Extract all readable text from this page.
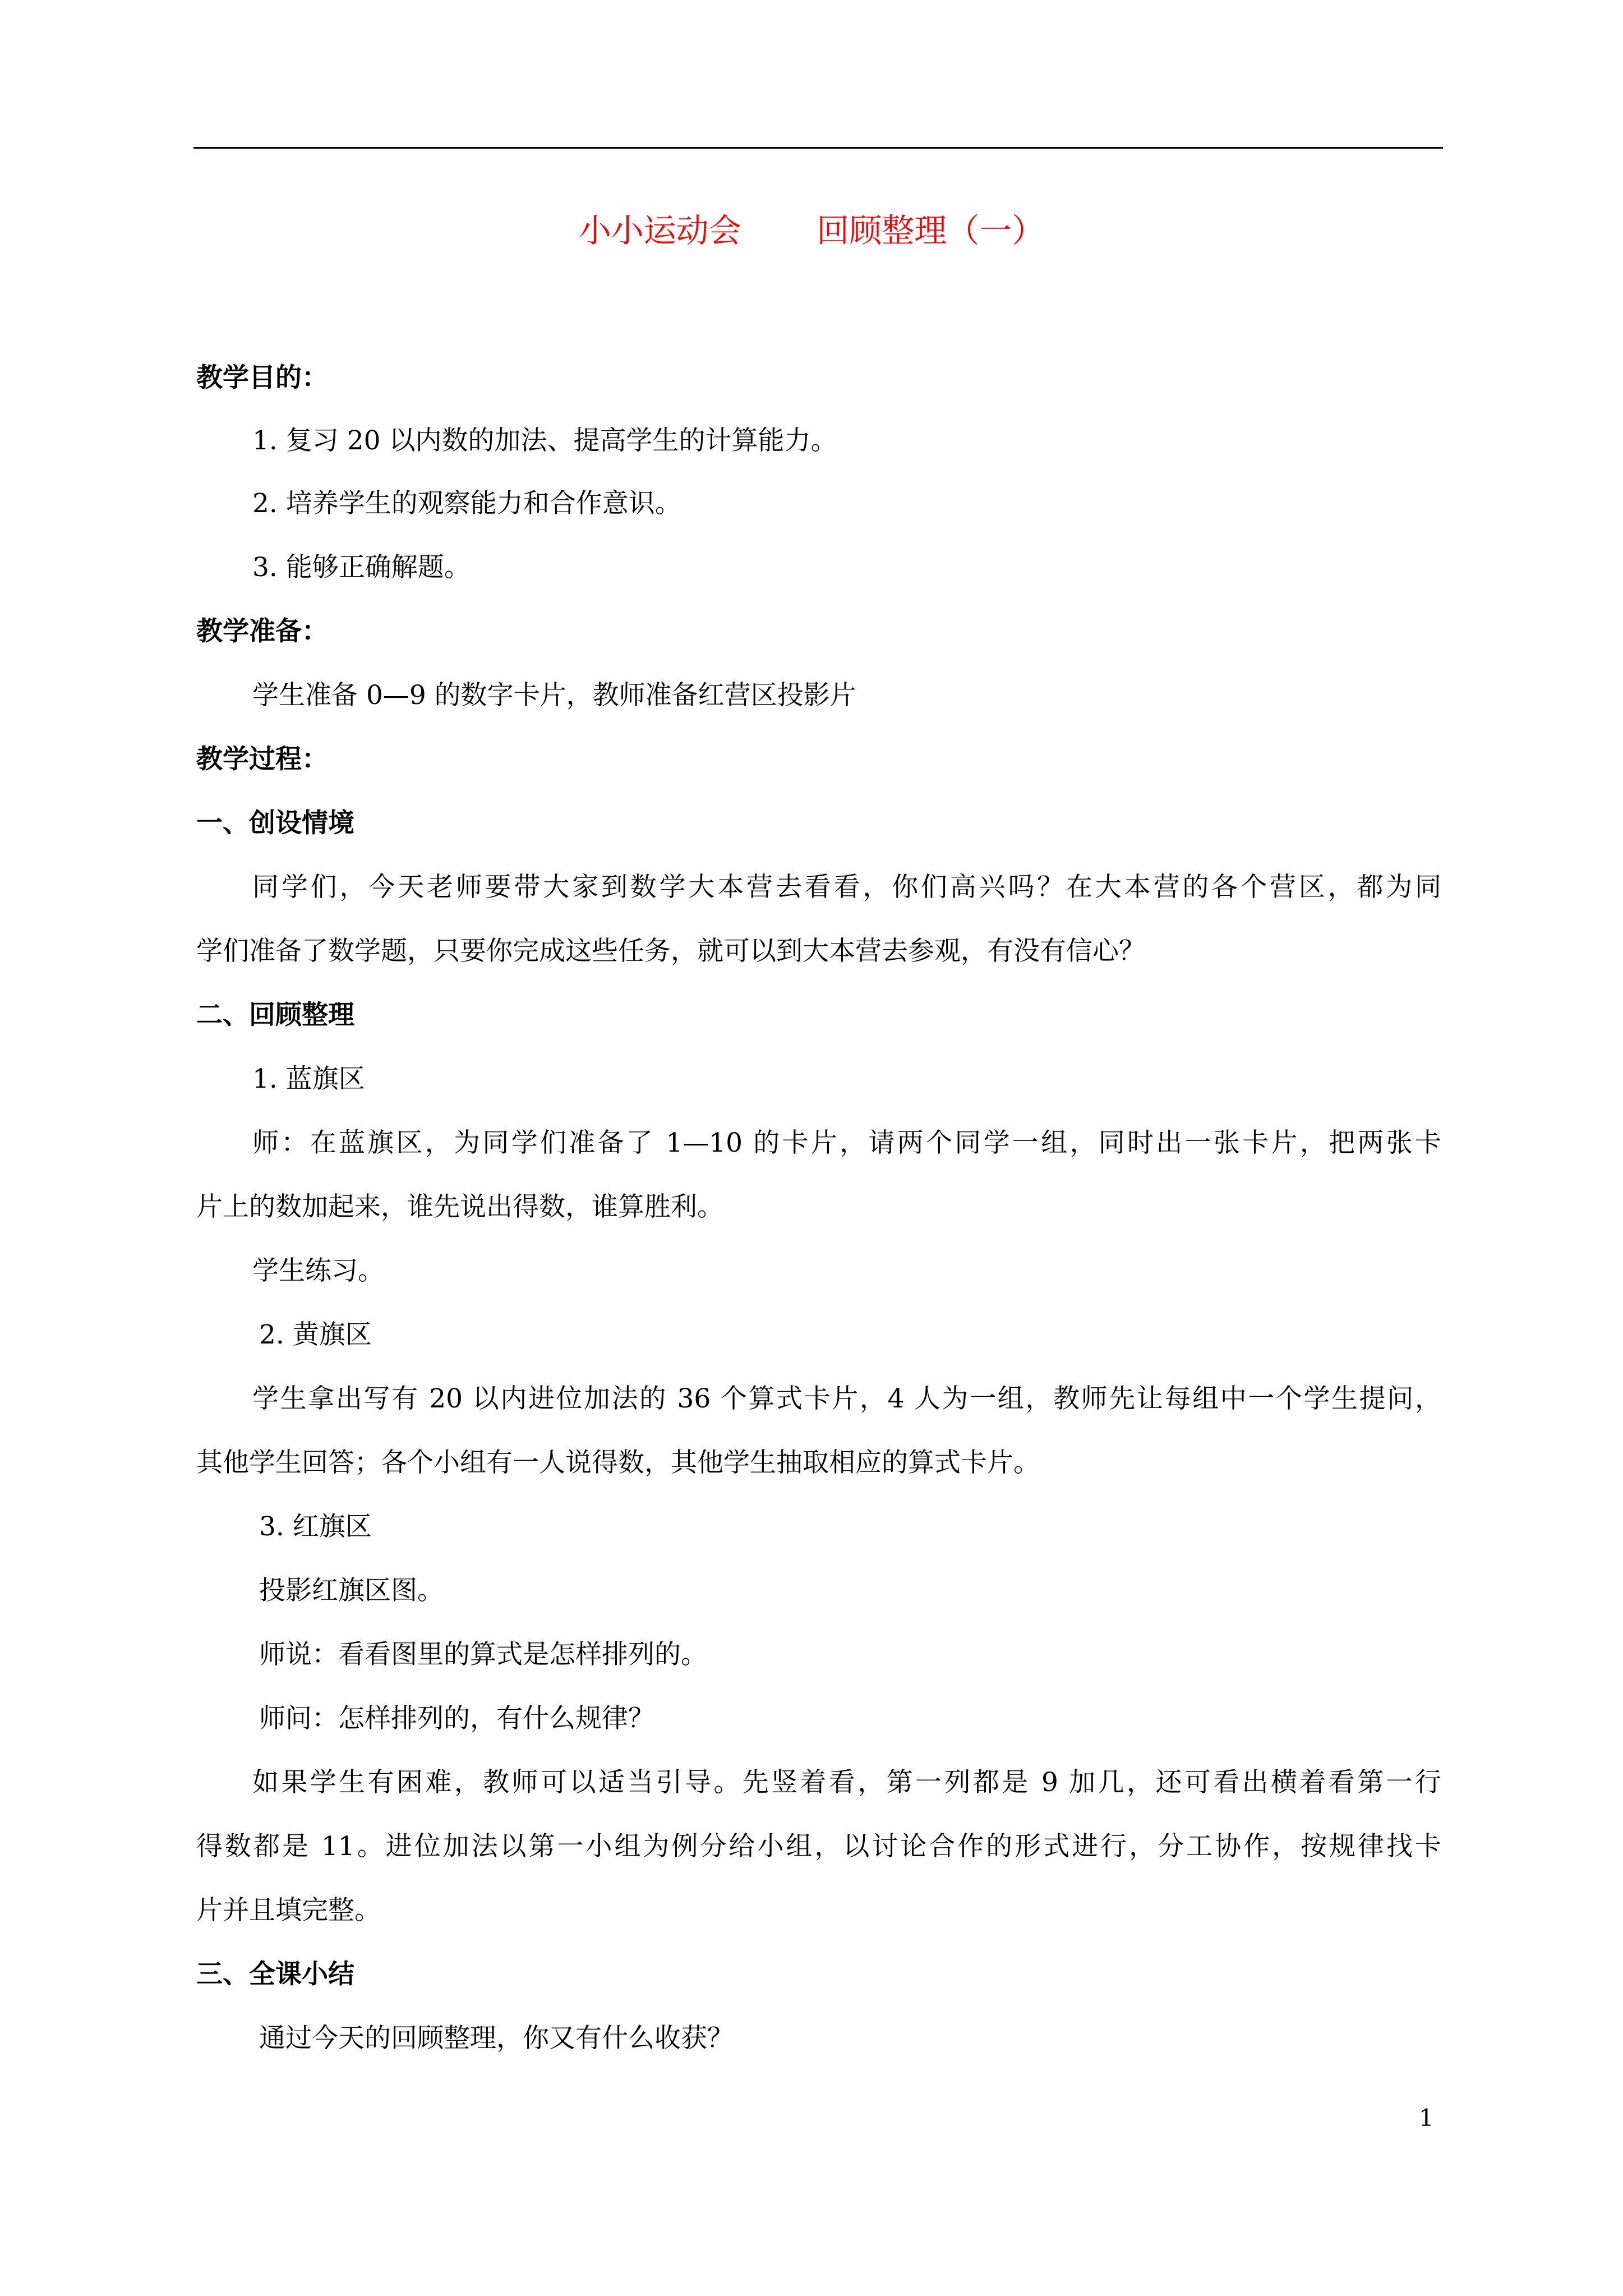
小小运动会　　 回顾整理（一）
教学目的：
1. 复习 20 以内数的加法、提高学生的计算能力。
2. 培养学生的观察能力和合作意识。
3. 能够正确解题。
教学准备：
学生准备 0—9 的数字卡片，教师准备红营区投影片
教学过程：
一、创设情境
同学们，今天老师要带大家到数学大本营去看看，你们高兴吗？在大本营的各个营区，都为同
学们准备了数学题，只要你完成这些任务，就可以到大本营去参观，有没有信心？
二、回顾整理
1. 蓝旗区
师：在蓝旗区，为同学们准备了 1—10 的卡片，请两个同学一组，同时出一张卡片，把两张卡
片上的数加起来，谁先说出得数，谁算胜利。
学生练习。
2. 黄旗区
学生拿出写有 20 以内进位加法的 36 个算式卡片，4 人为一组，教师先让每组中一个学生提问，
其他学生回答；各个小组有一人说得数，其他学生抽取相应的算式卡片。
3. 红旗区
投影红旗区图。
师说：看看图里的算式是怎样排列的。
师问：怎样排列的，有什么规律？
如果学生有困难，教师可以适当引导。先竖着看，第一列都是 9 加几，还可看出横着看第一行
得数都是 11。进位加法以第一小组为例分给小组，以讨论合作的形式进行，分工协作，按规律找卡
片并且填完整。
三、全课小结
通过今天的回顾整理，你又有什么收获？
1
